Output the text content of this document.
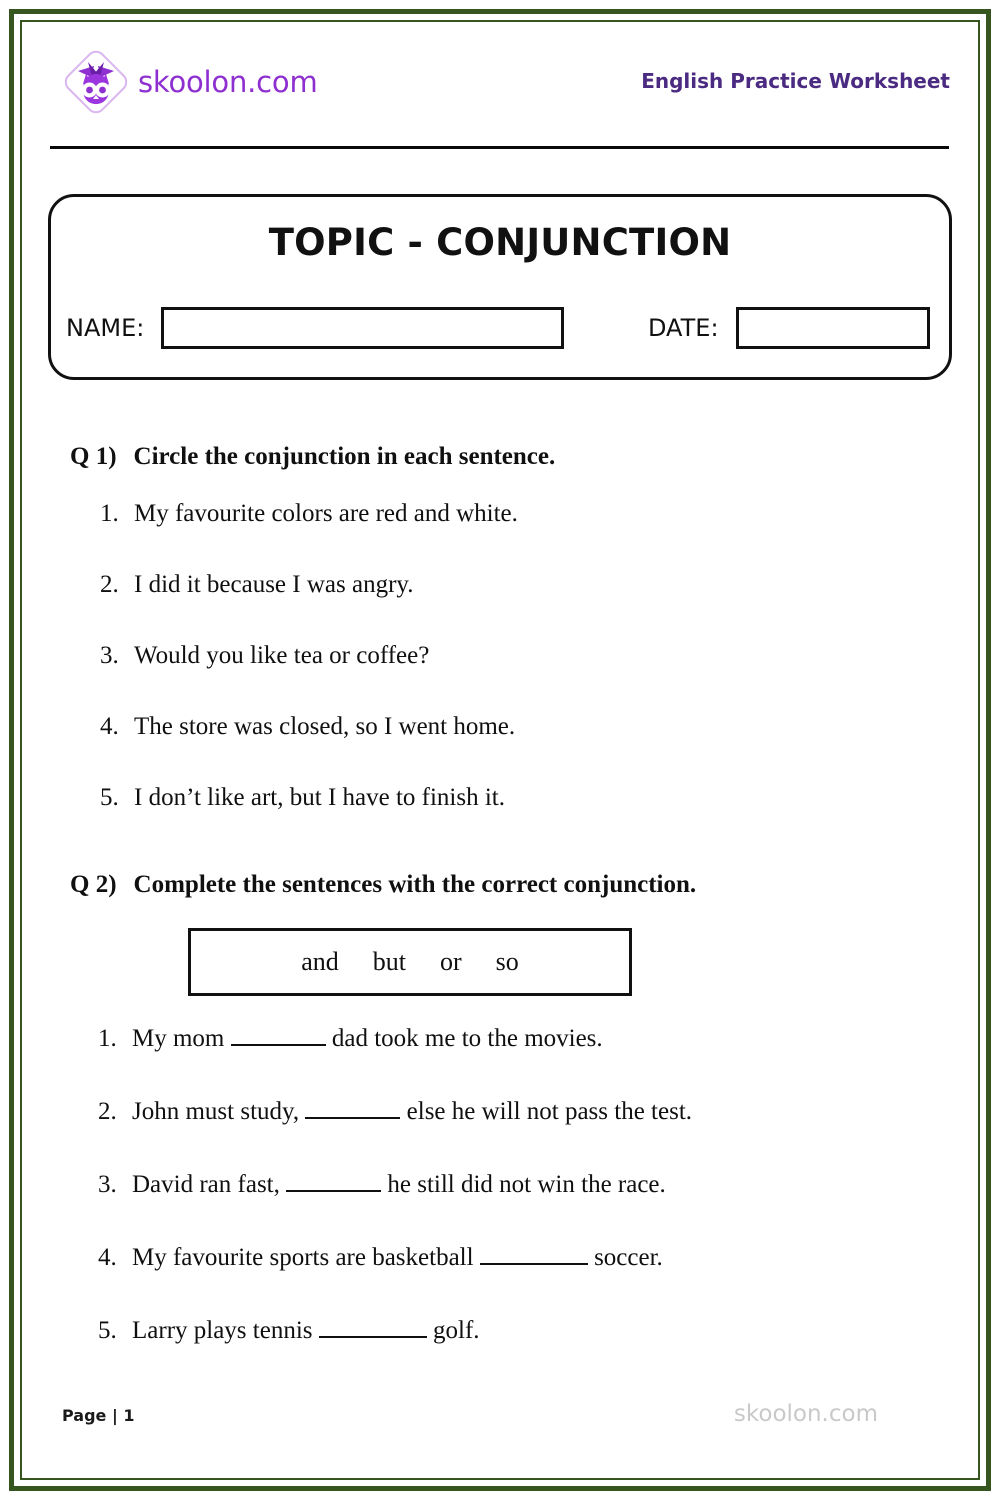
skoolon.com	English Practice Worksheet
TOPIC - CONJUNCTION
NAME:	DATE:
Q 1) Circle the conjunction in each sentence.
1. My favourite colors are red and white.
2. I did it because I was angry.
3. Would you like tea or coffee?
4. The store was closed, so I went home.
5. I don’t like art, but I have to finish it.
Q 2) Complete the sentences with the correct conjunction.
and but or so
1. My mom	dad took me to the movies.
2. John must study,	else he will not pass the test.
3. David ran fast,	he still did not win the race.
4. My favourite sports are basketball	soccer.
5. Larry plays tennis	golf.
Page | 1	skoolon.com
